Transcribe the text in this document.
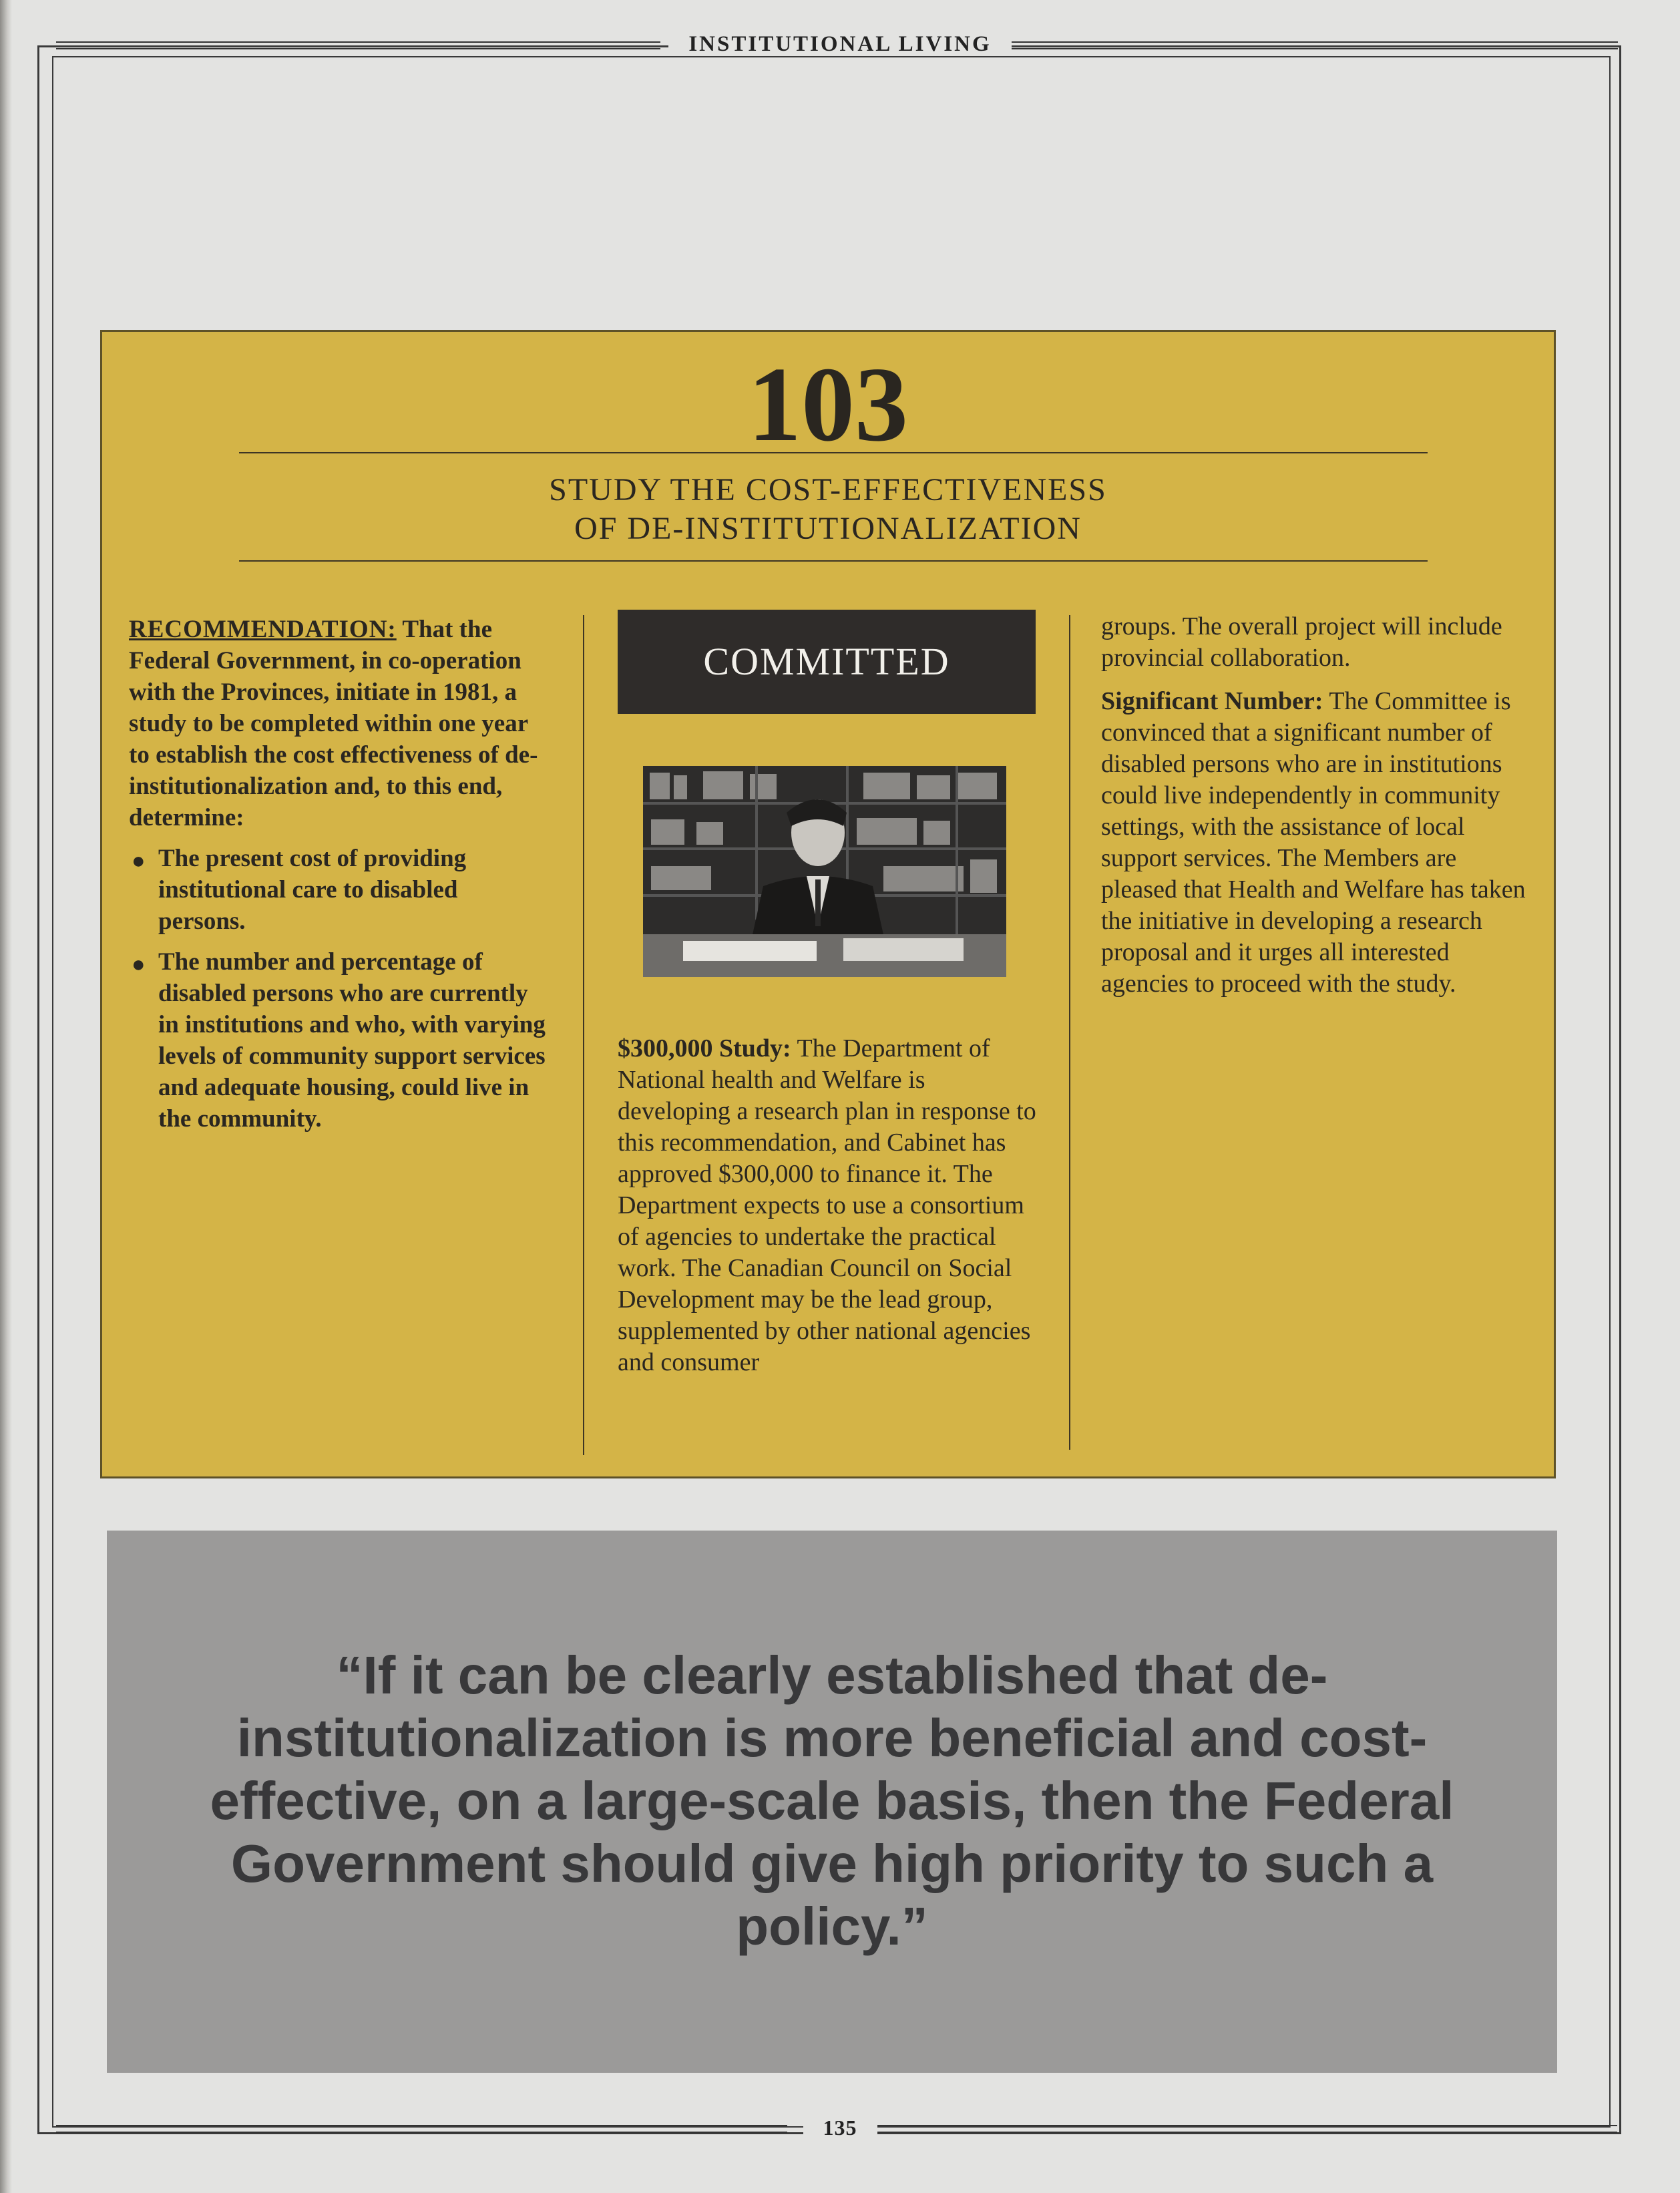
INSTITUTIONAL LIVING
103
STUDY THE COST-EFFECTIVENESS
OF DE-INSTITUTIONALIZATION
RECOMMENDATION: That the Federal Government, in co-operation with the Provinces, initiate in 1981, a study to be completed within one year to establish the cost effectiveness of de-institutionalization and, to this end, determine:
● The present cost of providing institutional care to disabled persons.
● The number and percentage of disabled persons who are currently in institutions and who, with varying levels of community support services and adequate housing, could live in the community.
COMMITTED

$300,000 Study: The Department of National health and Welfare is developing a research plan in response to this recommendation, and Cabinet has approved $300,000 to finance it. The Department expects to use a consortium of agencies to undertake the practical work. The Canadian Council on Social Development may be the lead group, supplemented by other national agencies and consumer

groups. The overall project will include provincial collaboration.

Significant Number: The Committee is convinced that a significant number of disabled persons who are in institutions could live independently in community settings, with the assistance of local support services. The Members are pleased that Health and Welfare has taken the initiative in developing a research proposal and it urges all interested agencies to proceed with the study.

“If it can be clearly established that de-institutionalization is more beneficial and cost-effective, on a large-scale basis, then the Federal Government should give high priority to such a policy.”
135
